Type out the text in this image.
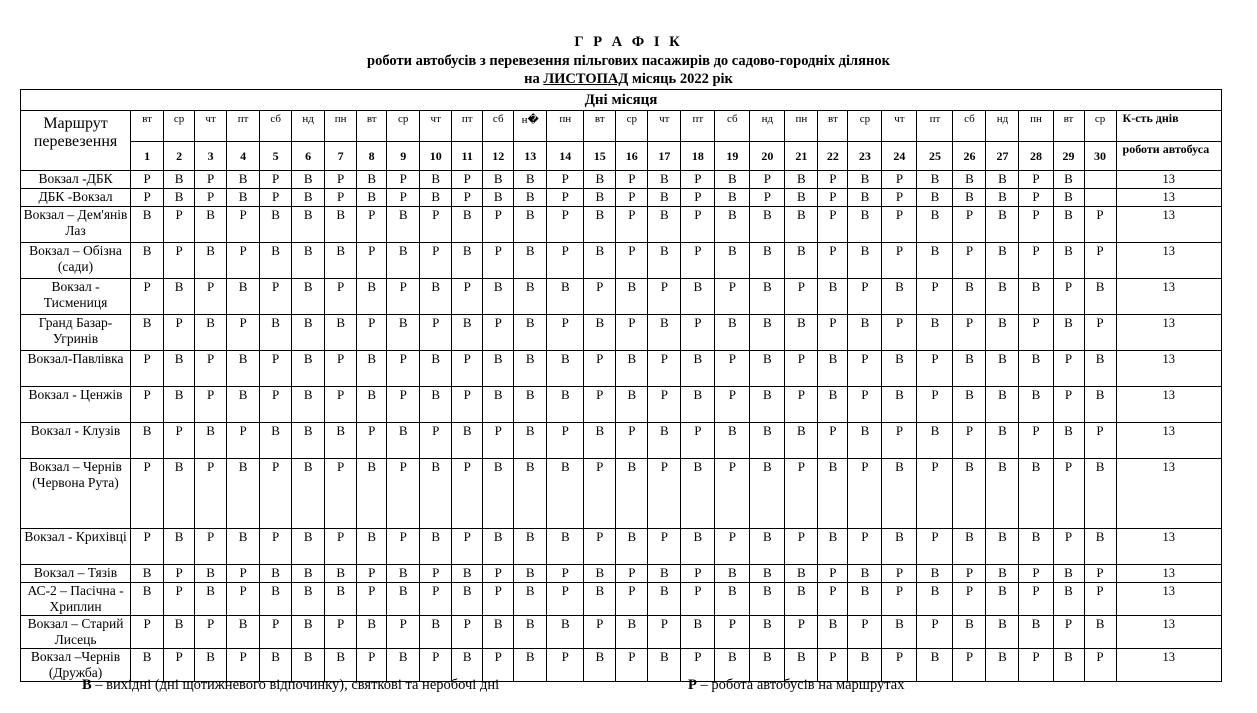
Г Р А Ф І К
роботи автобусів з перевезення пільгових пасажирів до садово-городніх ділянок
на ЛИСТОПАД місяць 2022 рік
Дні місяця																															
Маршрут перевезення	вт	ср	чт	пт	сб	нд	пн	вт	ср	чт	пт	сб	н�	пн	вт	ср	чт	пт	сб	нд	пн	вт	ср	чт	пт	сб	нд	пн	вт	ср	К-сть днів
	1	2	3	4	5	6	7	8	9	10	11	12	13	14	15	16	17	18	19	20	21	22	23	24	25	26	27	28	29	30	роботи автобуса
Вокзал -ДБК	Р	В	Р	В	Р	В	Р	В	Р	В	Р	В	В	Р	В	Р	В	Р	В	Р	В	Р	В	Р	В	В	В	Р	В		13
ДБК -Вокзал	Р	В	Р	В	Р	В	Р	В	Р	В	Р	В	В	Р	В	Р	В	Р	В	Р	В	Р	В	Р	В	В	В	Р	В		13
Вокзал – Дем'янів Лаз	В	Р	В	Р	В	В	В	Р	В	Р	В	Р	В	Р	В	Р	В	Р	В	В	В	Р	В	Р	В	Р	В	Р	В	Р	13
Вокзал – Обізна (сади)	В	Р	В	Р	В	В	В	Р	В	Р	В	Р	В	Р	В	Р	В	Р	В	В	В	Р	В	Р	В	Р	В	Р	В	Р	13
Вокзал - Тисмениця	Р	В	Р	В	Р	В	Р	В	Р	В	Р	В	В	В	Р	В	Р	В	Р	В	Р	В	Р	В	Р	В	В	В	Р	В	13
Гранд Базар-Угринів	В	Р	В	Р	В	В	В	Р	В	Р	В	Р	В	Р	В	Р	В	Р	В	В	В	Р	В	Р	В	Р	В	Р	В	Р	13
Вокзал-Павлівка	Р	В	Р	В	Р	В	Р	В	Р	В	Р	В	В	В	Р	В	Р	В	Р	В	Р	В	Р	В	Р	В	В	В	Р	В	13
Вокзал - Ценжів	Р	В	Р	В	Р	В	Р	В	Р	В	Р	В	В	В	Р	В	Р	В	Р	В	Р	В	Р	В	Р	В	В	В	Р	В	13
Вокзал - Клузів	В	Р	В	Р	В	В	В	Р	В	Р	В	Р	В	Р	В	Р	В	Р	В	В	В	Р	В	Р	В	Р	В	Р	В	Р	13
Вокзал – Чернів (Червона Рута)	Р	В	Р	В	Р	В	Р	В	Р	В	Р	В	В	В	Р	В	Р	В	Р	В	Р	В	Р	В	Р	В	В	В	Р	В	13
Вокзал - Крихівці	Р	В	Р	В	Р	В	Р	В	Р	В	Р	В	В	В	Р	В	Р	В	Р	В	Р	В	Р	В	Р	В	В	В	Р	В	13
Вокзал – Тязів	В	Р	В	Р	В	В	В	Р	В	Р	В	Р	В	Р	В	Р	В	Р	В	В	В	Р	В	Р	В	Р	В	Р	В	Р	13
АС-2 – Пасічна - Хриплин	В	Р	В	Р	В	В	В	Р	В	Р	В	Р	В	Р	В	Р	В	Р	В	В	В	Р	В	Р	В	Р	В	Р	В	Р	13
Вокзал – Старий Лисець	Р	В	Р	В	Р	В	Р	В	Р	В	Р	В	В	В	Р	В	Р	В	Р	В	Р	В	Р	В	Р	В	В	В	Р	В	13
Вокзал –Чернів (Дружба)	В	Р	В	Р	В	В	В	Р	В	Р	В	Р	В	Р	В	Р	В	Р	В	В	В	Р	В	Р	В	Р	В	Р	В	Р	13
В – вихідні (дні щотижневого відпочинку), святкові та неробочі дні	Р – робота автобусів на маршрутах
